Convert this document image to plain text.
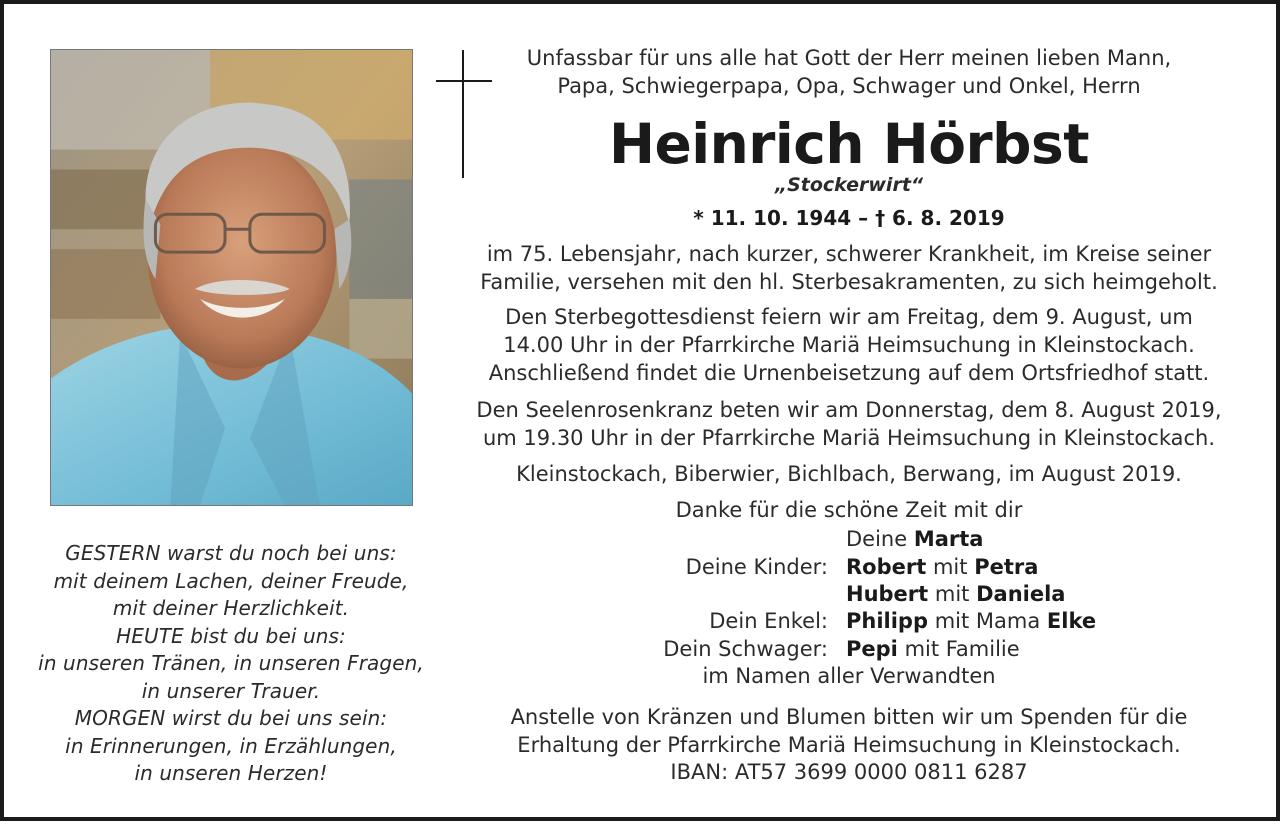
GESTERN warst du noch bei uns:
mit deinem Lachen, deiner Freude,
mit deiner Herzlichkeit.
HEUTE bist du bei uns:
in unseren Tränen, in unseren Fragen,
in unserer Trauer.
MORGEN wirst du bei uns sein:
in Erinnerungen, in Erzählungen,
in unseren Herzen!
Unfassbar für uns alle hat Gott der Herr meinen lieben Mann,
Papa, Schwiegerpapa, Opa, Schwager und Onkel, Herrn
Heinrich Hörbst
„Stockerwirt“
* 11. 10. 1944 – † 6. 8. 2019
im 75. Lebensjahr, nach kurzer, schwerer Krankheit, im Kreise seiner
Familie, versehen mit den hl. Sterbesakramenten, zu sich heimgeholt.
Den Sterbegottesdienst feiern wir am Freitag, dem 9. August, um
14.00 Uhr in der Pfarrkirche Mariä Heimsuchung in Kleinstockach.
Anschließend findet die Urnenbeisetzung auf dem Ortsfriedhof statt.
Den Seelenrosenkranz beten wir am Donnerstag, dem 8. August 2019,
um 19.30 Uhr in der Pfarrkirche Mariä Heimsuchung in Kleinstockach.
Kleinstockach, Biberwier, Bichlbach, Berwang, im August 2019.
Danke für die schöne Zeit mit dir
im Namen aller Verwandten
Anstelle von Kränzen und Blumen bitten wir um Spenden für die
Erhaltung der Pfarrkirche Mariä Heimsuchung in Kleinstockach.
IBAN: AT57 3699 0000 0811 6287
Deine Marta
Deine Kinder: Robert mit Petra
Hubert mit Daniela
Dein Enkel: Philipp mit Mama Elke
Dein Schwager: Pepi mit Familie
